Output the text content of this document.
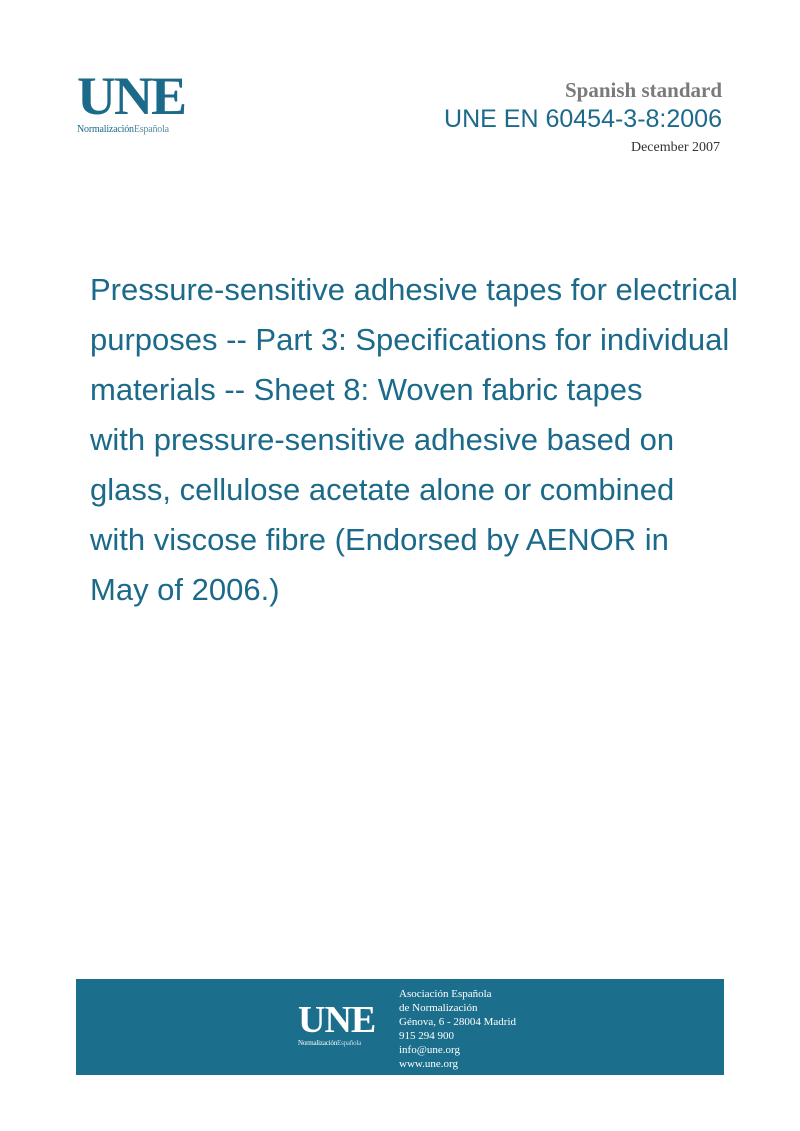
UNE
NormalizaciónEspañola
Spanish standard
UNE EN 60454-3-8:2006
December 2007
Pressure-sensitive adhesive tapes for electrical
purposes -- Part 3: Specifications for individual
materials -- Sheet 8: Woven fabric tapes
with pressure-sensitive adhesive based on
glass, cellulose acetate alone or combined
with viscose fibre (Endorsed by AENOR in
May of 2006.)
UNE
NormalizaciónEspañola
Asociación Española
de Normalización
Génova, 6 - 28004 Madrid
915 294 900
info@une.org
www.une.org
